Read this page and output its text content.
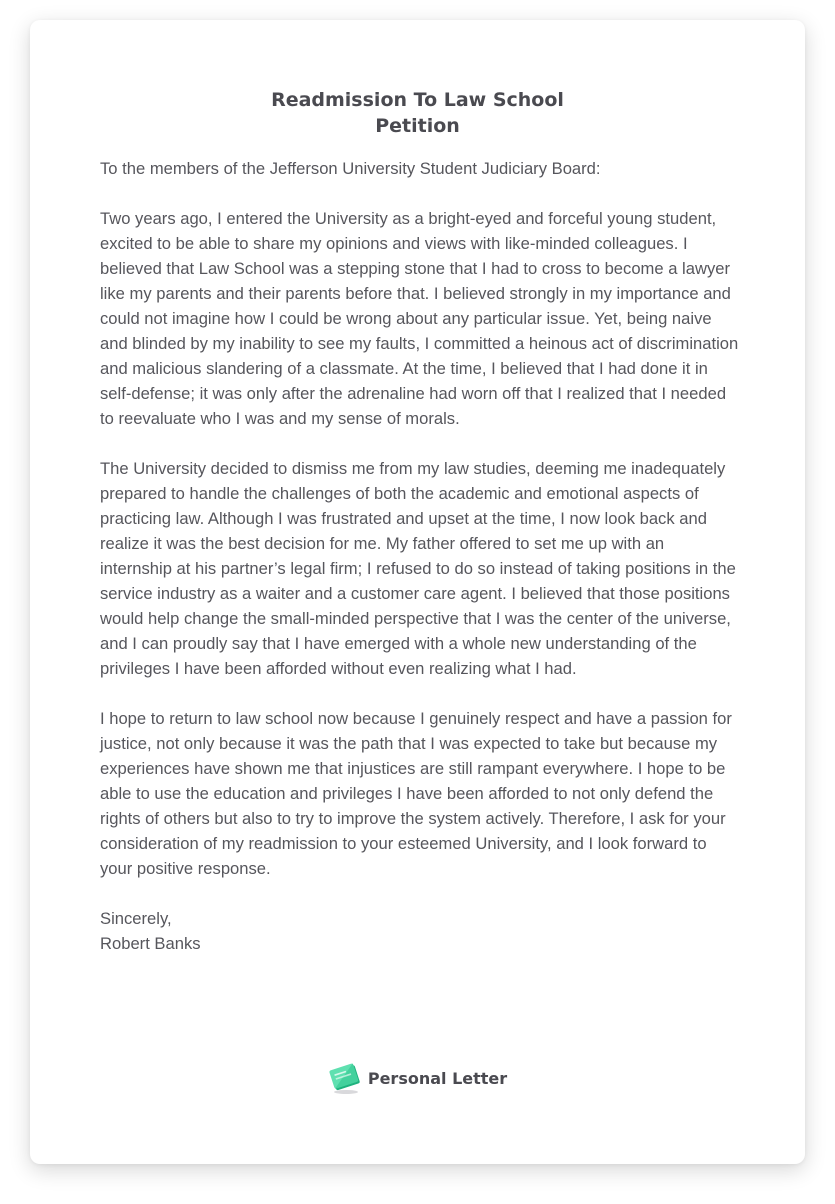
Readmission To Law School
Petition

To the members of the Jefferson University Student Judiciary Board:

Two years ago, I entered the University as a bright-eyed and forceful young student, excited to be able to share my opinions and views with like-minded colleagues. I believed that Law School was a stepping stone that I had to cross to become a lawyer like my parents and their parents before that. I believed strongly in my importance and could not imagine how I could be wrong about any particular issue. Yet, being naive and blinded by my inability to see my faults, I committed a heinous act of discrimination and malicious slandering of a classmate. At the time, I believed that I had done it in self-defense; it was only after the adrenaline had worn off that I realized that I needed to reevaluate who I was and my sense of morals.

The University decided to dismiss me from my law studies, deeming me inadequately prepared to handle the challenges of both the academic and emotional aspects of practicing law. Although I was frustrated and upset at the time, I now look back and realize it was the best decision for me. My father offered to set me up with an internship at his partner’s legal firm; I refused to do so instead of taking positions in the service industry as a waiter and a customer care agent. I believed that those positions would help change the small-minded perspective that I was the center of the universe, and I can proudly say that I have emerged with a whole new understanding of the privileges I have been afforded without even realizing what I had.

I hope to return to law school now because I genuinely respect and have a passion for justice, not only because it was the path that I was expected to take but because my experiences have shown me that injustices are still rampant everywhere. I hope to be able to use the education and privileges I have been afforded to not only defend the rights of others but also to try to improve the system actively. Therefore, I ask for your consideration of my readmission to your esteemed University, and I look forward to your positive response.

Sincerely,

Robert Banks

Personal Letter
